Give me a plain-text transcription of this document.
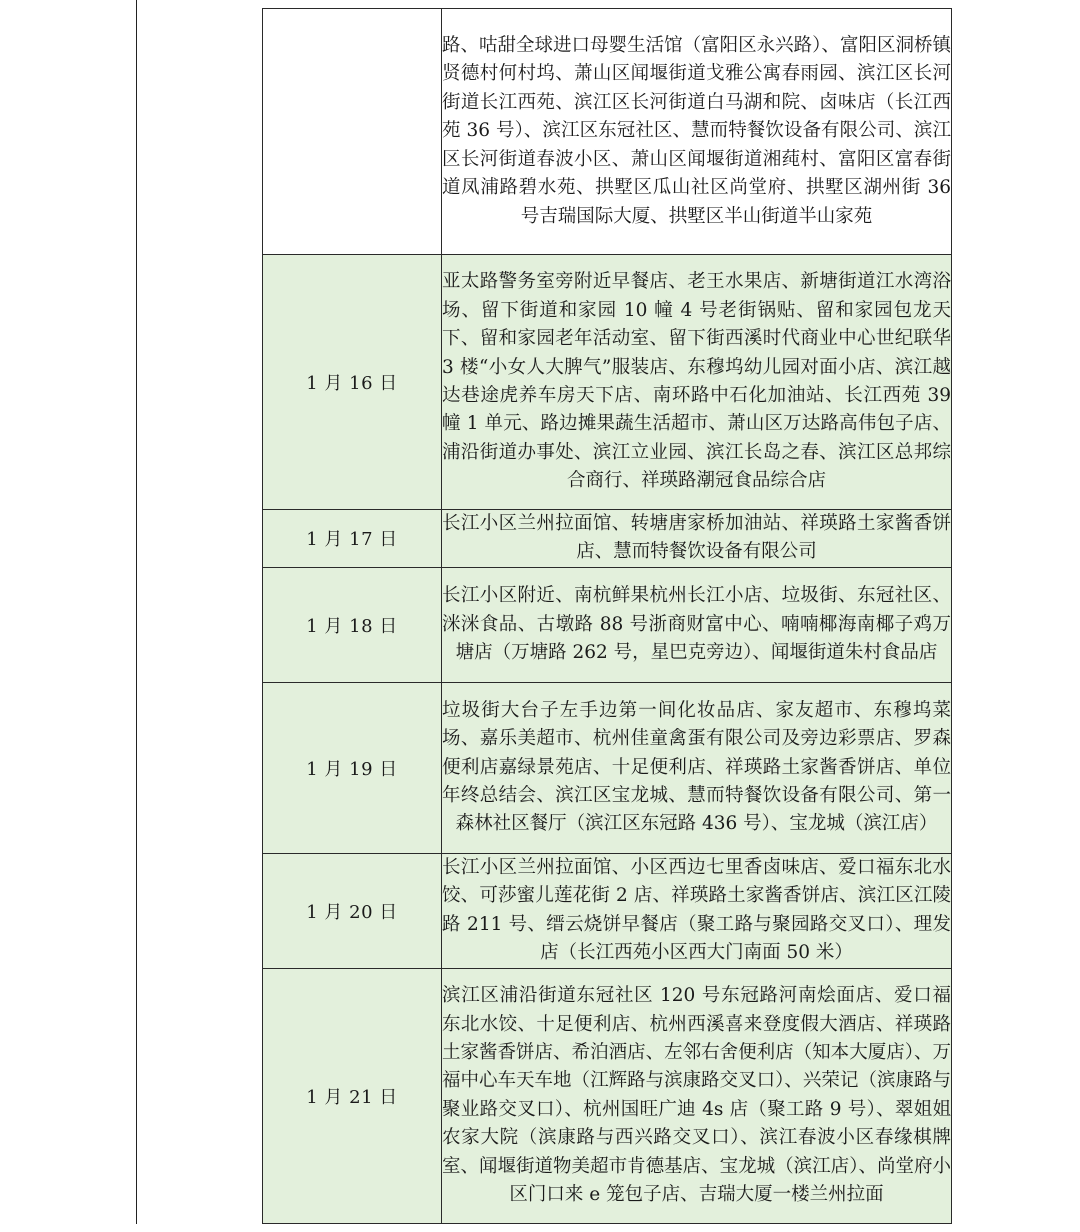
	路、咕甜全球进口母婴生活馆（富阳区永兴路）、富阳区洞桥镇贤德村何村坞、萧山区闻堰街道戈雅公寓春雨园、滨江区长河街道长江西苑、滨江区长河街道白马湖和院、卤味店（长江西苑 36 号）、滨江区东冠社区、慧而特餐饮设备有限公司、滨江区长河街道春波小区、萧山区闻堰街道湘莼村、富阳区富春街道凤浦路碧水苑、拱墅区瓜山社区尚堂府、拱墅区湖州街 36 号吉瑞国际大厦、拱墅区半山街道半山家苑
1 月 16 日	亚太路警务室旁附近早餐店、老王水果店、新塘街道江水湾浴场、留下街道和家园 10 幢 4 号老街锅贴、留和家园包龙天下、留和家园老年活动室、留下街西溪时代商业中心世纪联华 3 楼“小女人大脾气”服装店、东穆坞幼儿园对面小店、滨江越达巷途虎养车房天下店、南环路中石化加油站、长江西苑 39 幢 1 单元、路边摊果蔬生活超市、萧山区万达路高伟包子店、浦沿街道办事处、滨江立业园、滨江长岛之春、滨江区总邦综合商行、祥瑛路潮冠食品综合店
1 月 17 日	长江小区兰州拉面馆、转塘唐家桥加油站、祥瑛路土家酱香饼店、慧而特餐饮设备有限公司
1 月 18 日	长江小区附近、南杭鲜果杭州长江小店、垃圾街、东冠社区、洣洣食品、古墩路 88 号浙商财富中心、喃喃椰海南椰子鸡万塘店（万塘路 262 号，星巴克旁边）、闻堰街道朱村食品店
1 月 19 日	垃圾街大台子左手边第一间化妆品店、家友超市、东穆坞菜场、嘉乐美超市、杭州佳童禽蛋有限公司及旁边彩票店、罗森便利店嘉绿景苑店、十足便利店、祥瑛路土家酱香饼店、单位年终总结会、滨江区宝龙城、慧而特餐饮设备有限公司、第一森林社区餐厅（滨江区东冠路 436 号）、宝龙城（滨江店）
1 月 20 日	长江小区兰州拉面馆、小区西边七里香卤味店、爱口福东北水饺、可莎蜜儿莲花街 2 店、祥瑛路土家酱香饼店、滨江区江陵路 211 号、缙云烧饼早餐店（聚工路与聚园路交叉口）、理发店（长江西苑小区西大门南面 50 米）
1 月 21 日	滨江区浦沿街道东冠社区 120 号东冠路河南烩面店、爱口福东北水饺、十足便利店、杭州西溪喜来登度假大酒店、祥瑛路土家酱香饼店、希泊酒店、左邻右舍便利店（知本大厦店）、万福中心车天车地（江辉路与滨康路交叉口）、兴荣记（滨康路与聚业路交叉口）、杭州国旺广迪 4s 店（聚工路 9 号）、翠姐姐农家大院（滨康路与西兴路交叉口）、滨江春波小区春缘棋牌室、闻堰街道物美超市肯德基店、宝龙城（滨江店）、尚堂府小区门口来 e 笼包子店、吉瑞大厦一楼兰州拉面
